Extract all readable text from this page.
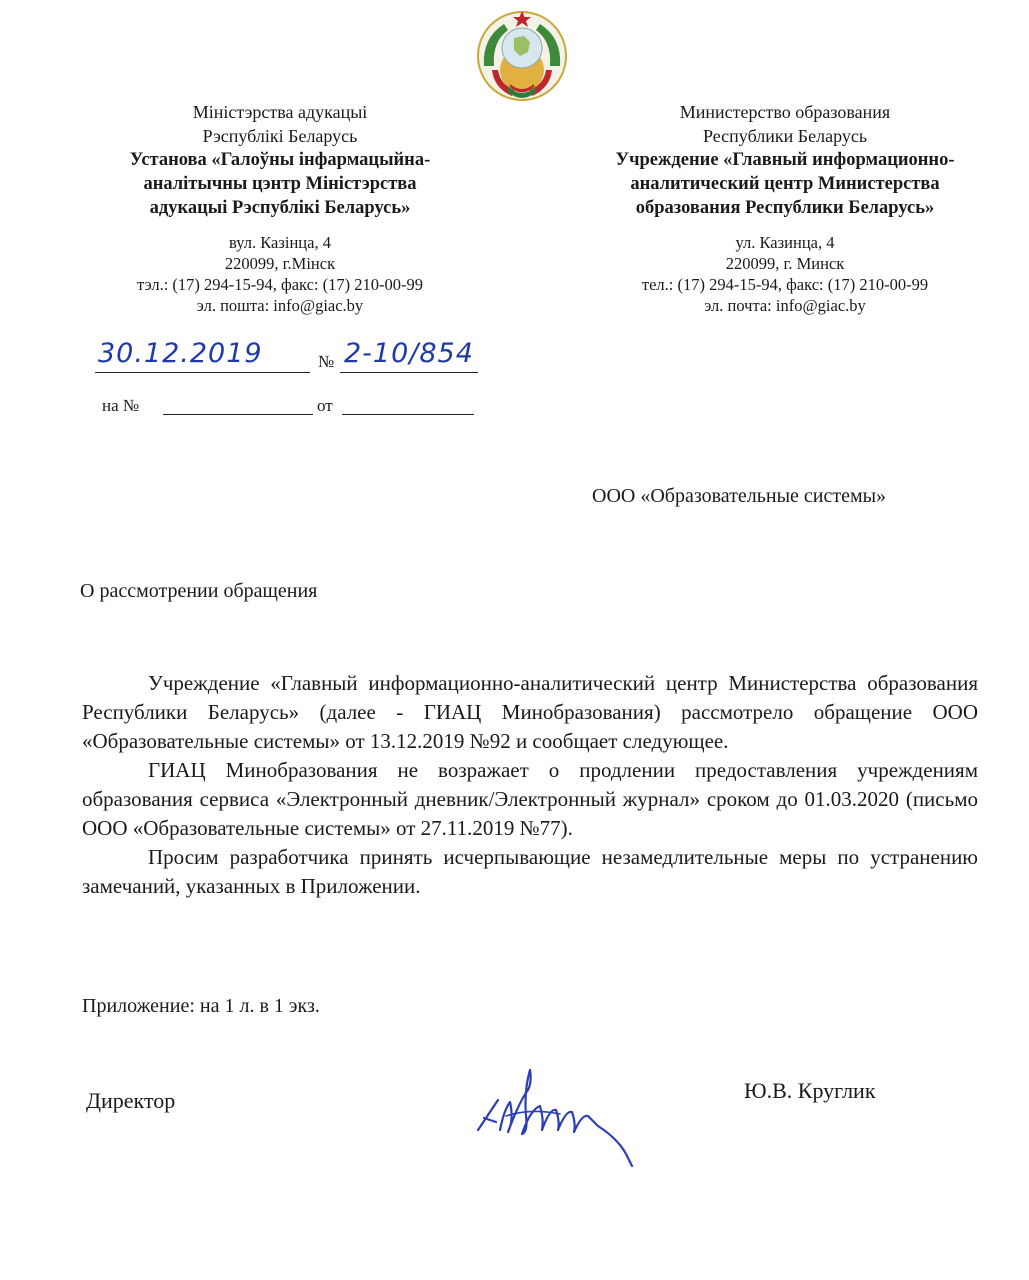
Міністэрства адукацыі
Рэспублікі Беларусь
Установа «Галоўны інфармацыйна-
аналітычны цэнтр Міністэрства
адукацыі Рэспублікі Беларусь»
вул. Казінца, 4
220099, г.Мінск
тэл.: (17) 294-15-94, факс: (17) 210-00-99
эл. пошта: info@giac.by
Министерство образования
Республики Беларусь
Учреждение «Главный информационно-
аналитический центр Министерства
образования Республики Беларусь»
ул. Казинца, 4
220099, г. Минск
тел.: (17) 294-15-94, факс: (17) 210-00-99
эл. почта: info@giac.by
30.12.2019	№ 2-10/854
на №	от
ООО «Образовательные системы»
О рассмотрении обращения

Учреждение «Главный информационно-аналитический центр Министерства образования Республики Беларусь» (далее - ГИАЦ Минобразования) рассмотрело обращение ООО «Образовательные системы» от 13.12.2019 №92 и сообщает следующее.

ГИАЦ Минобразования не возражает о продлении предоставления учреждениям образования сервиса «Электронный дневник/Электронный журнал» сроком до 01.03.2020 (письмо ООО «Образовательные системы» от 27.11.2019 №77).

Просим разработчика принять исчерпывающие незамедлительные меры по устранению замечаний, указанных в Приложении.

Приложение: на 1 л. в 1 экз.
Директор	Ю.В. Круглик
